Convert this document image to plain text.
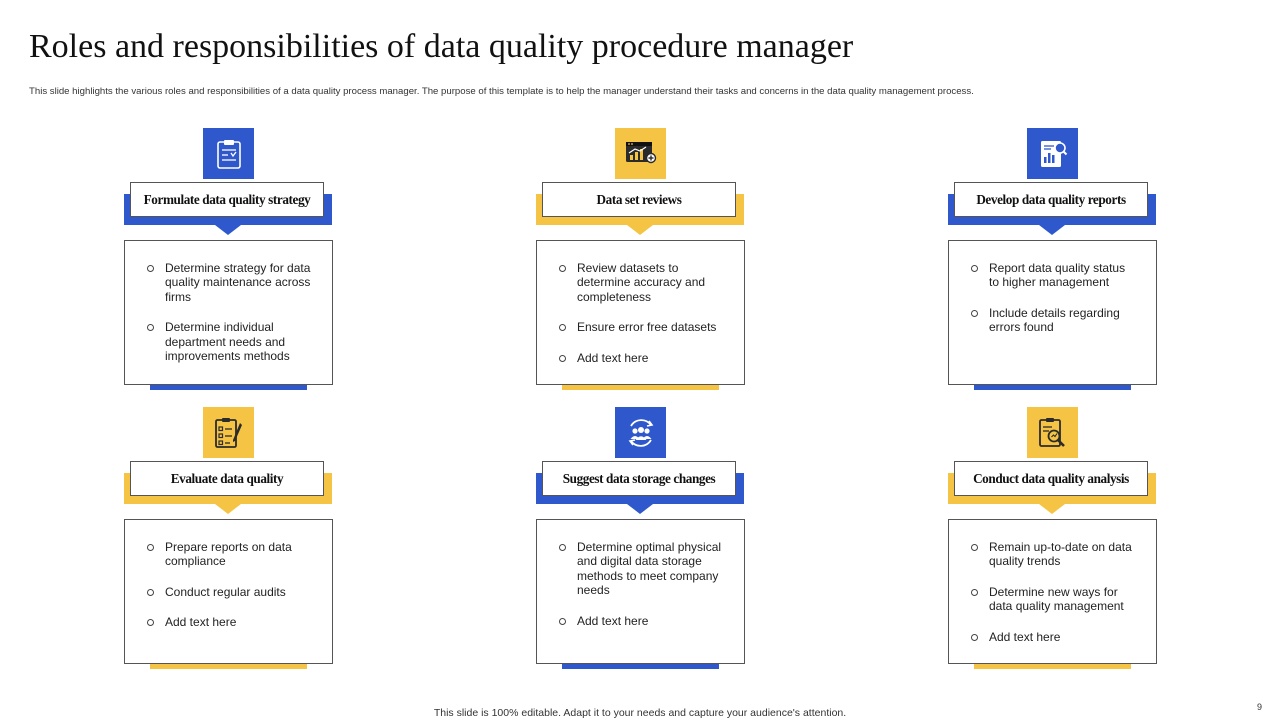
Roles and responsibilities of data quality procedure manager

This slide highlights the various roles and responsibilities of a data quality process manager. The purpose of this template is to help the manager understand their tasks and concerns in the data quality management process.

Formulate data quality strategy
Determine strategy for data quality maintenance across firms
Determine individual department needs and improvements methods
Data set reviews
Review datasets to determine accuracy and completeness
Ensure error free datasets
Add text here
Develop data quality reports
Report data quality status to higher management
Include details regarding errors found
Evaluate data quality
Prepare reports on data compliance
Conduct regular audits
Add text here
Suggest data storage changes
Determine optimal physical and digital data storage methods to meet company needs
Add text here
Conduct data quality analysis
Remain up-to-date on data quality trends
Determine new ways for data quality management
Add text here

This slide is 100% editable. Adapt it to your needs and capture your audience's attention.	9
